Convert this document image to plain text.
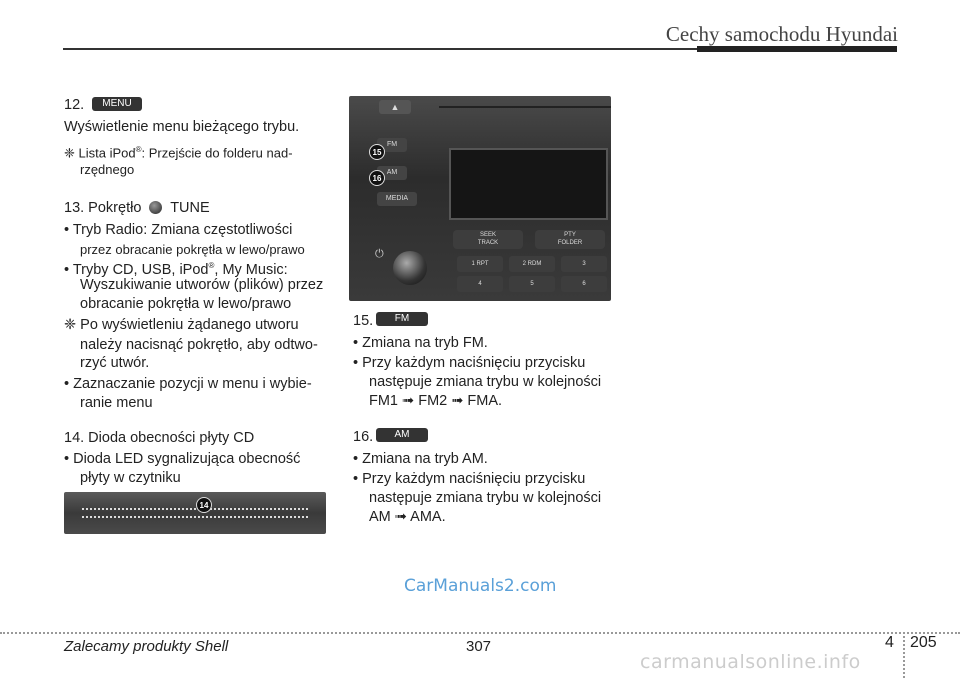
Cechy samochodu Hyundai
12.	MENU
Wyświetlenie menu bieżącego trybu.
❈ Lista iPod®: Przejście do folderu nad-
rzędnego
13. Pokrętło TUNE
• Tryb Radio: Zmiana częstotliwości
przez obracanie pokrętła w lewo/prawo
• Tryby CD, USB, iPod®, My Music:
Wyszukiwanie utworów (plików) przez
obracanie pokrętła w lewo/prawo
❈ Po wyświetleniu żądanego utworu
należy nacisnąć pokrętło, aby odtwo-
rzyć utwór.
• Zaznaczanie pozycji w menu i wybie-
ranie menu
14. Dioda obecności płyty CD
• Dioda LED sygnalizująca obecność
płyty w czytniku
14
▲
FM
AM
MEDIA
15
16
SEEK
TRACK
PTY
FOLDER
⏻
1 RPT	2 RDM	3
4	5	6
15.	FM
• Zmiana na tryb FM.
• Przy każdym naciśnięciu przycisku
następuje zmiana trybu w kolejności
FM1 ➟ FM2 ➟ FMA.
16.	AM
• Zmiana na tryb AM.
• Przy każdym naciśnięciu przycisku
następuje zmiana trybu w kolejności
AM ➟ AMA.
CarManuals2.com
Zalecamy produkty Shell	307	4 205
carmanualsonline.info
